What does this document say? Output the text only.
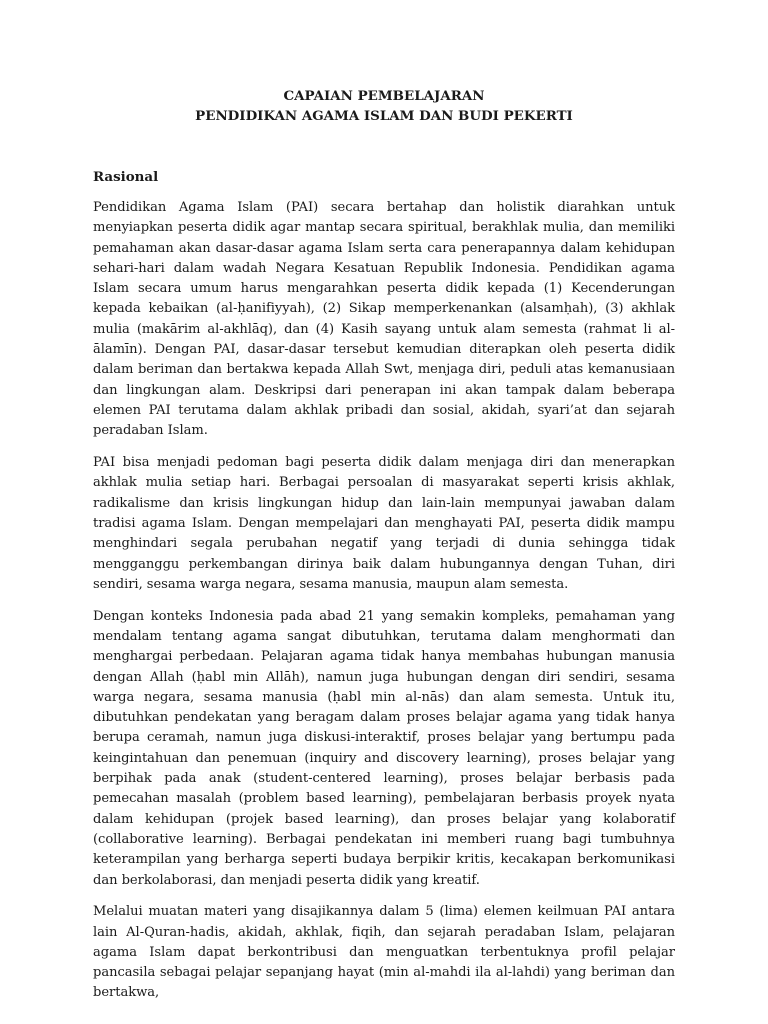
CAPAIAN PEMBELAJARAN
PENDIDIKAN AGAMA ISLAM DAN BUDI PEKERTI
Rasional

Pendidikan Agama Islam (PAI) secara bertahap dan holistik diarahkan untuk menyiapkan peserta didik agar mantap secara spiritual, berakhlak mulia, dan memiliki pemahaman akan dasar-dasar agama Islam serta cara penerapannya dalam kehidupan sehari-hari dalam wadah Negara Kesatuan Republik Indonesia. Pendidikan agama Islam secara umum harus mengarahkan peserta didik kepada (1) Kecenderungan kepada kebaikan (al-ḥanifiyyah), (2) Sikap memperkenankan (alsamḥah), (3) akhlak mulia (makārim al-akhlāq), dan (4) Kasih sayang untuk alam semesta (rahmat li al-ālamīn). Dengan PAI, dasar-dasar tersebut kemudian diterapkan oleh peserta didik dalam beriman dan bertakwa kepada Allah Swt, menjaga diri, peduli atas kemanusiaan dan lingkungan alam. Deskripsi dari penerapan ini akan tampak dalam beberapa elemen PAI terutama dalam akhlak pribadi dan sosial, akidah, syari’at dan sejarah peradaban Islam.

PAI bisa menjadi pedoman bagi peserta didik dalam menjaga diri dan menerapkan akhlak mulia setiap hari. Berbagai persoalan di masyarakat seperti krisis akhlak, radikalisme dan krisis lingkungan hidup dan lain-lain mempunyai jawaban dalam tradisi agama Islam. Dengan mempelajari dan menghayati PAI, peserta didik mampu menghindari segala perubahan negatif yang terjadi di dunia sehingga tidak mengganggu perkembangan dirinya baik dalam hubungannya dengan Tuhan, diri sendiri, sesama warga negara, sesama manusia, maupun alam semesta.

Dengan konteks Indonesia pada abad 21 yang semakin kompleks, pemahaman yang mendalam tentang agama sangat dibutuhkan, terutama dalam menghormati dan menghargai perbedaan. Pelajaran agama tidak hanya membahas hubungan manusia dengan Allah (ḥabl min Allāh), namun juga hubungan dengan diri sendiri, sesama warga negara, sesama manusia (ḥabl min al-nās) dan alam semesta. Untuk itu, dibutuhkan pendekatan yang beragam dalam proses belajar agama yang tidak hanya berupa ceramah, namun juga diskusi-interaktif, proses belajar yang bertumpu pada keingintahuan dan penemuan (inquiry and discovery learning), proses belajar yang berpihak pada anak (student-centered learning), proses belajar berbasis pada pemecahan masalah (problem based learning), pembelajaran berbasis proyek nyata dalam kehidupan (projek based learning), dan proses belajar yang kolaboratif (collaborative learning). Berbagai pendekatan ini memberi ruang bagi tumbuhnya keterampilan yang berharga seperti budaya berpikir kritis, kecakapan berkomunikasi dan berkolaborasi, dan menjadi peserta didik yang kreatif.

Melalui muatan materi yang disajikannya dalam 5 (lima) elemen keilmuan PAI antara lain Al-Quran-hadis, akidah, akhlak, fiqih, dan sejarah peradaban Islam, pelajaran agama Islam dapat berkontribusi dan menguatkan terbentuknya profil pelajar pancasila sebagai pelajar sepanjang hayat (min al-mahdi ila al-lahdi) yang beriman dan bertakwa,
